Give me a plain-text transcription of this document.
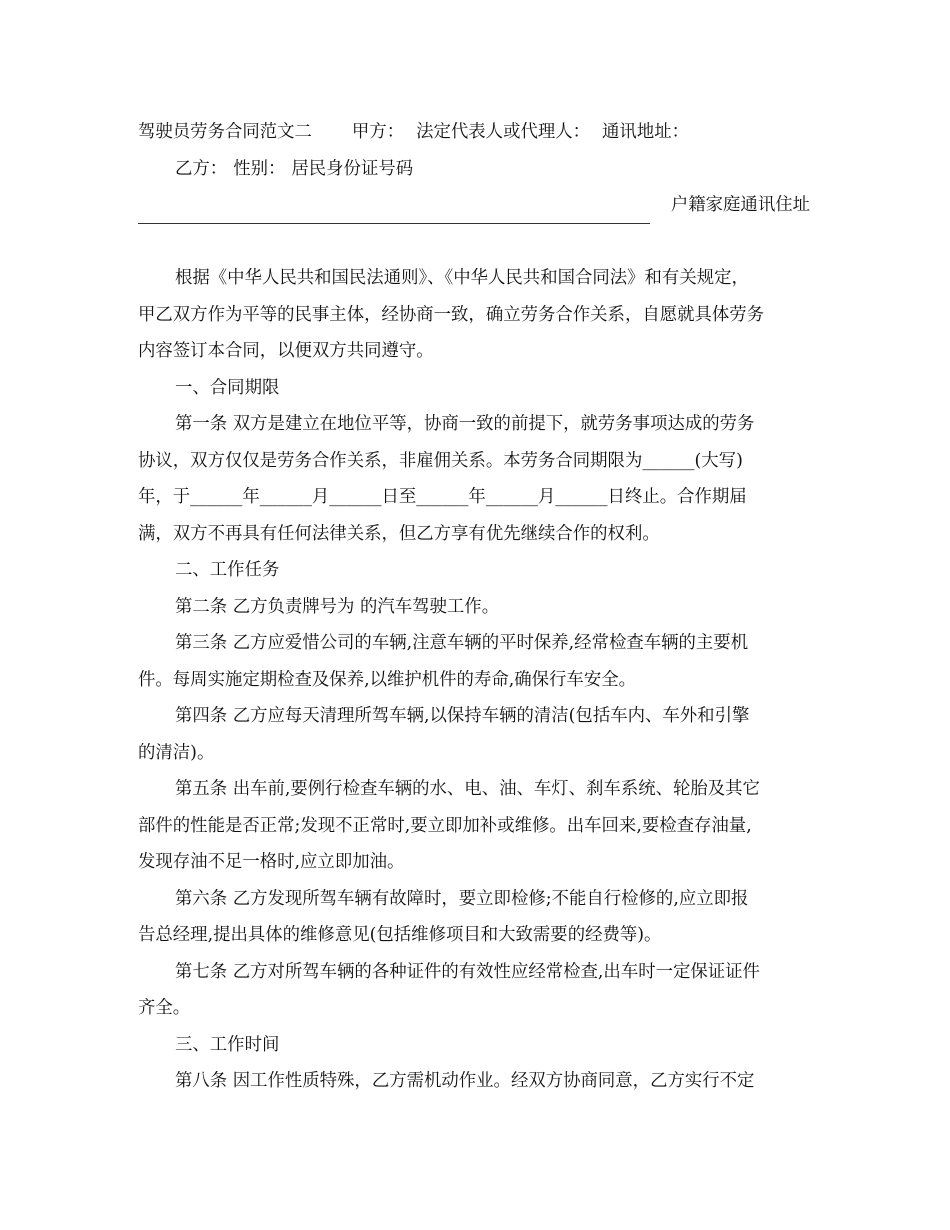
驾驶员劳务合同范文二 甲方： 法定代表人或代理人： 通讯地址：
乙方： 性别： 居民身份证号码
户籍家庭通讯住址

根据《中华人民共和国民法通则》、《中华人民共和国合同法》和有关规定，
甲乙双方作为平等的民事主体，经协商一致，确立劳务合作关系，自愿就具体劳务
内容签订本合同，以便双方共同遵守。
一、合同期限
第一条 双方是建立在地位平等，协商一致的前提下，就劳务事项达成的劳务
协议，双方仅仅是劳务合作关系，非雇佣关系。本劳务合同期限为______(大写)
年，于______年______月______日至______年______月______日终止。合作期届
满，双方不再具有任何法律关系，但乙方享有优先继续合作的权利。
二、工作任务
第二条 乙方负责牌号为 的汽车驾驶工作。
第三条 乙方应爱惜公司的车辆,注意车辆的平时保养,经常检查车辆的主要机
件。每周实施定期检查及保养,以维护机件的寿命,确保行车安全。
第四条 乙方应每天清理所驾车辆,以保持车辆的清洁(包括车内、车外和引擎
的清洁)。
第五条 出车前,要例行检查车辆的水、电、油、车灯、刹车系统、轮胎及其它
部件的性能是否正常;发现不正常时,要立即加补或维修。出车回来,要检查存油量,
发现存油不足一格时,应立即加油。
第六条 乙方发现所驾车辆有故障时，要立即检修;不能自行检修的,应立即报
告总经理,提出具体的维修意见(包括维修项目和大致需要的经费等)。
第七条 乙方对所驾车辆的各种证件的有效性应经常检查,出车时一定保证证件
齐全。
三、工作时间
第八条 因工作性质特殊，乙方需机动作业。经双方协商同意，乙方实行不定
